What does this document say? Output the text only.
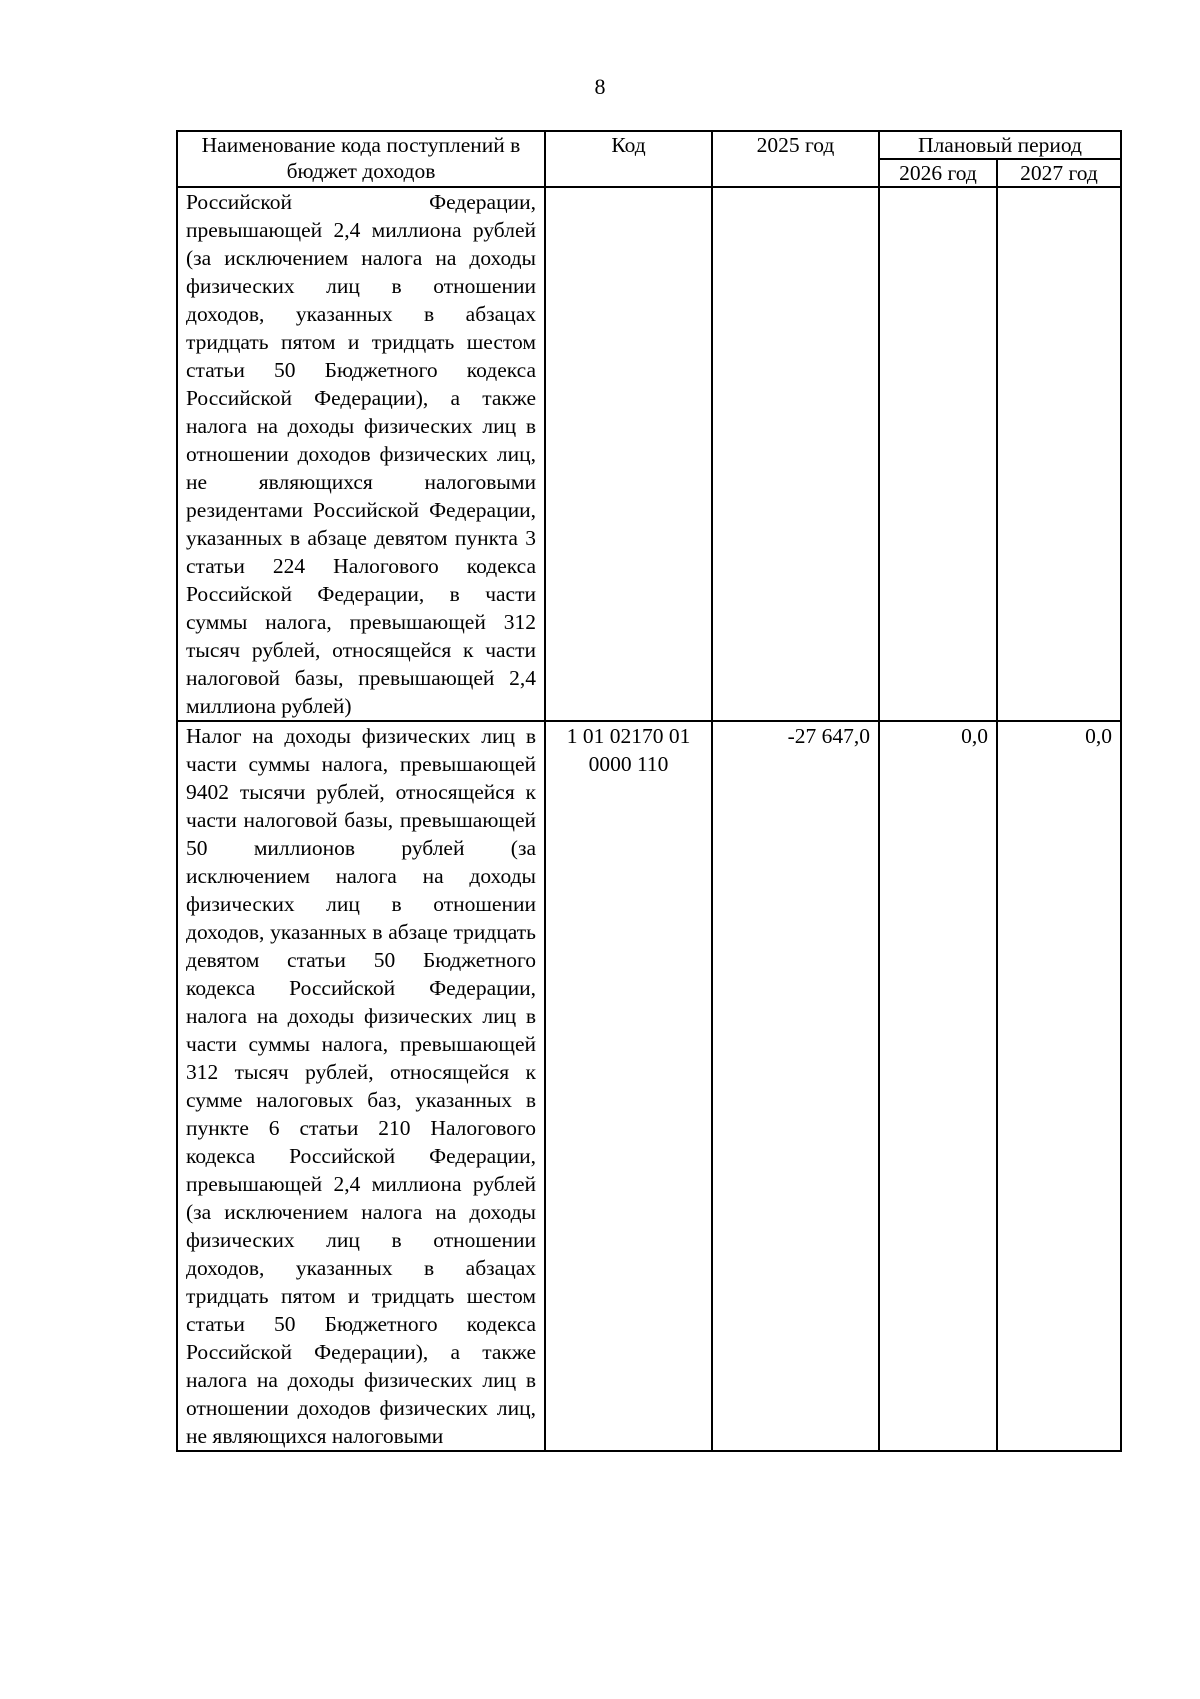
8
Наименование кода поступлений в бюджет доходов	Код	2025 год	Плановый период	
			2026 год	2027 год
Российской Федерации, превышающей 2,4 миллиона рублей (за исключением налога на доходы физических лиц в отношении доходов, указанных в абзацах тридцать пятом и тридцать шестом статьи 50 Бюджетного кодекса Российской Федерации), а также налога на доходы физических лиц в отношении доходов физических лиц, не являющихся налоговыми резидентами Российской Федерации, указанных в абзаце девятом пункта 3 статьи 224 Налогового кодекса Российской Федерации, в части суммы налога, превышающей 312 тысяч рублей, относящейся к части налоговой базы, превышающей 2,4 миллиона рублей)				
Налог на доходы физических лиц в части суммы налога, превышающей 9402 тысячи рублей, относящейся к части налоговой базы, превышающей 50 миллионов рублей (за исключением налога на доходы физических лиц в отношении доходов, указанных в абзаце тридцать девятом статьи 50 Бюджетного кодекса Российской Федерации, налога на доходы физических лиц в части суммы налога, превышающей 312 тысяч рублей, относящейся к сумме налоговых баз, указанных в пункте 6 статьи 210 Налогового кодекса Российской Федерации, превышающей 2,4 миллиона рублей (за исключением налога на доходы физических лиц в отношении доходов, указанных в абзацах тридцать пятом и тридцать шестом статьи 50 Бюджетного кодекса Российской Федерации), а также налога на доходы физических лиц в отношении доходов физических лиц, не являющихся налоговыми	1 01 02170 01 0000 110	-27 647,0	0,0	0,0
